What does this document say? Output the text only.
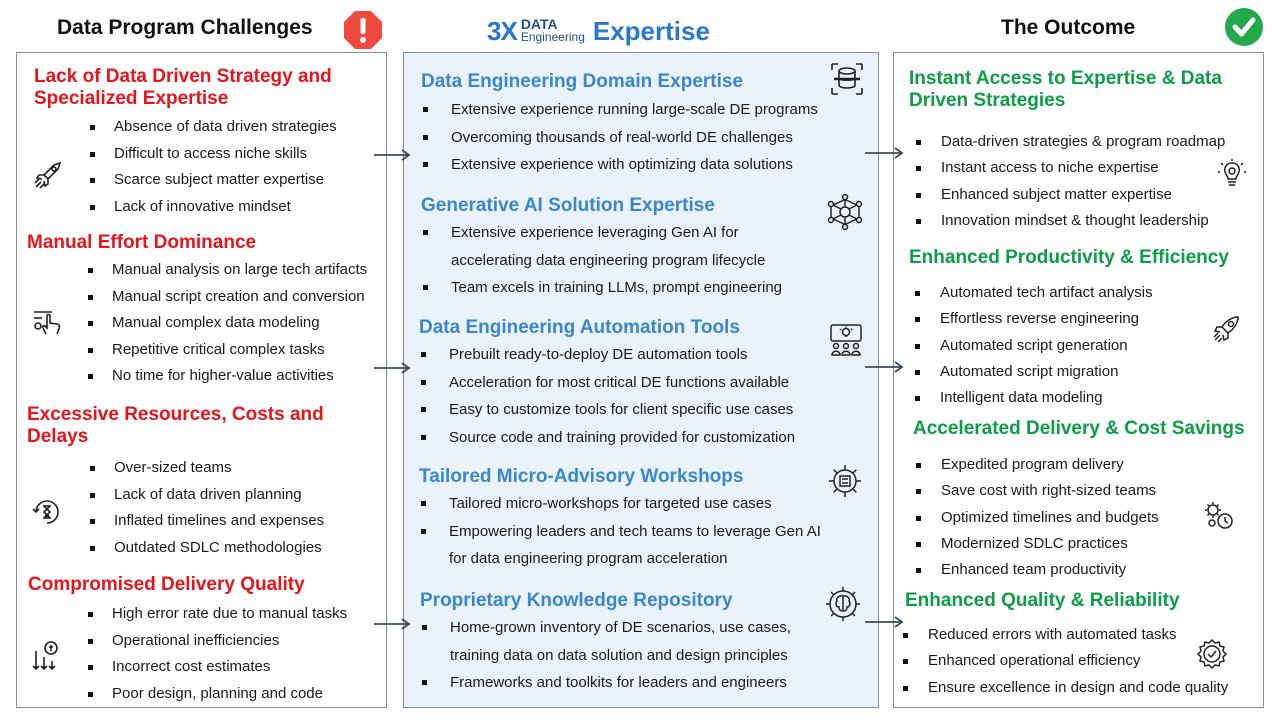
Data Program Challenges	3X DATA
Engineering Expertise	The Outcome
Lack of Data Driven Strategy and Specialized Expertise
Absence of data driven strategies
Difficult to access niche skills
Scarce subject matter expertise
Lack of innovative mindset
Manual Effort Dominance
Manual analysis on large tech artifacts
Manual script creation and conversion
Manual complex data modeling
Repetitive critical complex tasks
No time for higher-value activities
Excessive Resources, Costs and Delays
Over-sized teams
Lack of data driven planning
Inflated timelines and expenses
Outdated SDLC methodologies
Compromised Delivery Quality
High error rate due to manual tasks
Operational inefficiencies
Incorrect cost estimates
Poor design, planning and code
Data Engineering Domain Expertise
Extensive experience running large-scale DE programs
Overcoming thousands of real-world DE challenges
Extensive experience with optimizing data solutions
Generative AI Solution Expertise
Extensive experience leveraging Gen AI for accelerating data engineering program lifecycle
Team excels in training LLMs, prompt engineering
Data Engineering Automation Tools
Prebuilt ready-to-deploy DE automation tools
Acceleration for most critical DE functions available
Easy to customize tools for client specific use cases
Source code and training provided for customization
Tailored Micro-Advisory Workshops
Tailored micro-workshops for targeted use cases
Empowering leaders and tech teams to leverage Gen AI for data engineering program acceleration
Proprietary Knowledge Repository
Home-grown inventory of DE scenarios, use cases, training data on data solution and design principles
Frameworks and toolkits for leaders and engineers
Instant Access to Expertise & Data Driven Strategies
Data-driven strategies & program roadmap
Instant access to niche expertise
Enhanced subject matter expertise
Innovation mindset & thought leadership
Enhanced Productivity & Efficiency
Automated tech artifact analysis
Effortless reverse engineering
Automated script generation
Automated script migration
Intelligent data modeling
Accelerated Delivery & Cost Savings
Expedited program delivery
Save cost with right-sized teams
Optimized timelines and budgets
Modernized SDLC practices
Enhanced team productivity
Enhanced Quality & Reliability
Reduced errors with automated tasks
Enhanced operational efficiency
Ensure excellence in design and code quality
